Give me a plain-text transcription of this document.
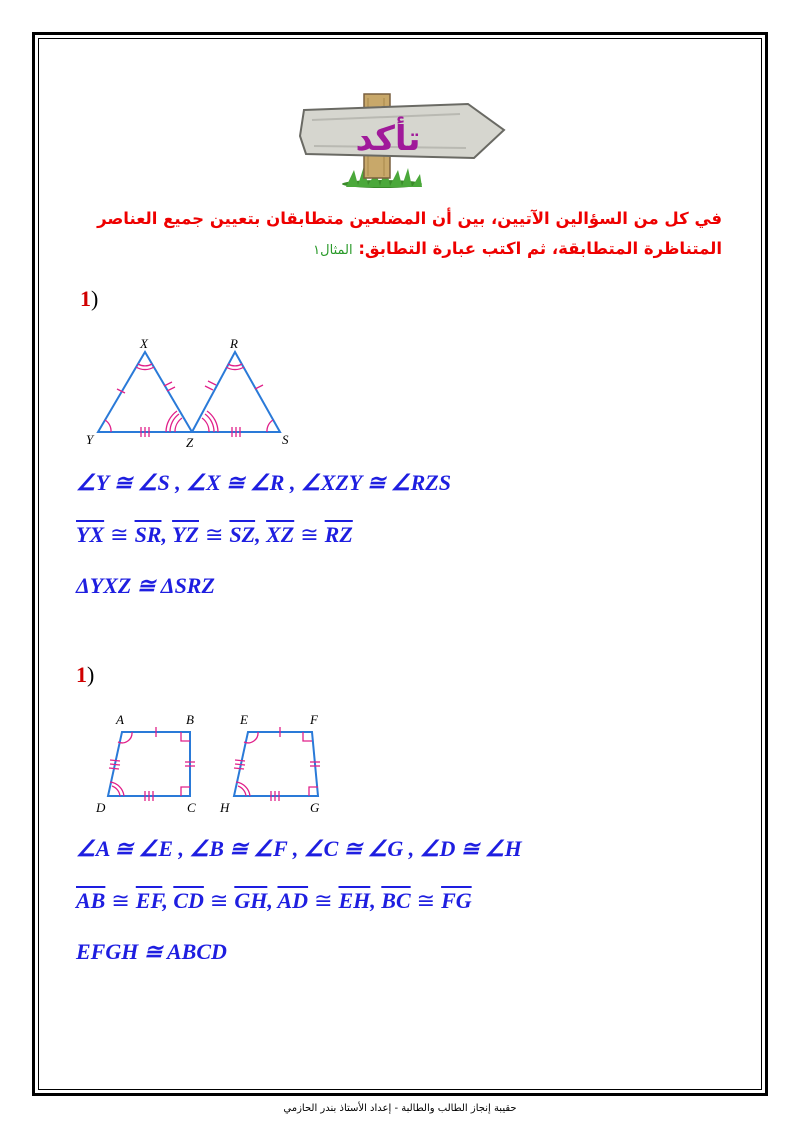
تأكد
في كل من السؤالين الآتيين، بين أن المضلعين متطابقان بتعيين جميع العناصر
المتناظرة المتطابقة، ثم اكتب عبارة التطابق: المثال١
1)
X	R
Y	Z	S
∠Y ≅ ∠S , ∠X ≅ ∠R , ∠XZY ≅ ∠RZS
$\overline{YX}$ ≅ $\overline{SR}$, $\overline{YZ}$ ≅ $\overline{SZ}$, $\overline{XZ}$ ≅ $\overline{RZ}$
ΔYXZ ≅ ΔSRZ
1)
A	B
C
D
E	F
G
H
∠A ≅ ∠E , ∠B ≅ ∠F , ∠C ≅ ∠G , ∠D ≅ ∠H
$\overline{AB}$ ≅ $\overline{EF}$, $\overline{CD}$ ≅ $\overline{GH}$, $\overline{AD}$ ≅ $\overline{EH}$, $\overline{BC}$ ≅ $\overline{FG}$
EFGH ≅ ABCD
حقيبة إنجاز الطالب والطالبة - إعداد الأستاذ بندر الحازمي
